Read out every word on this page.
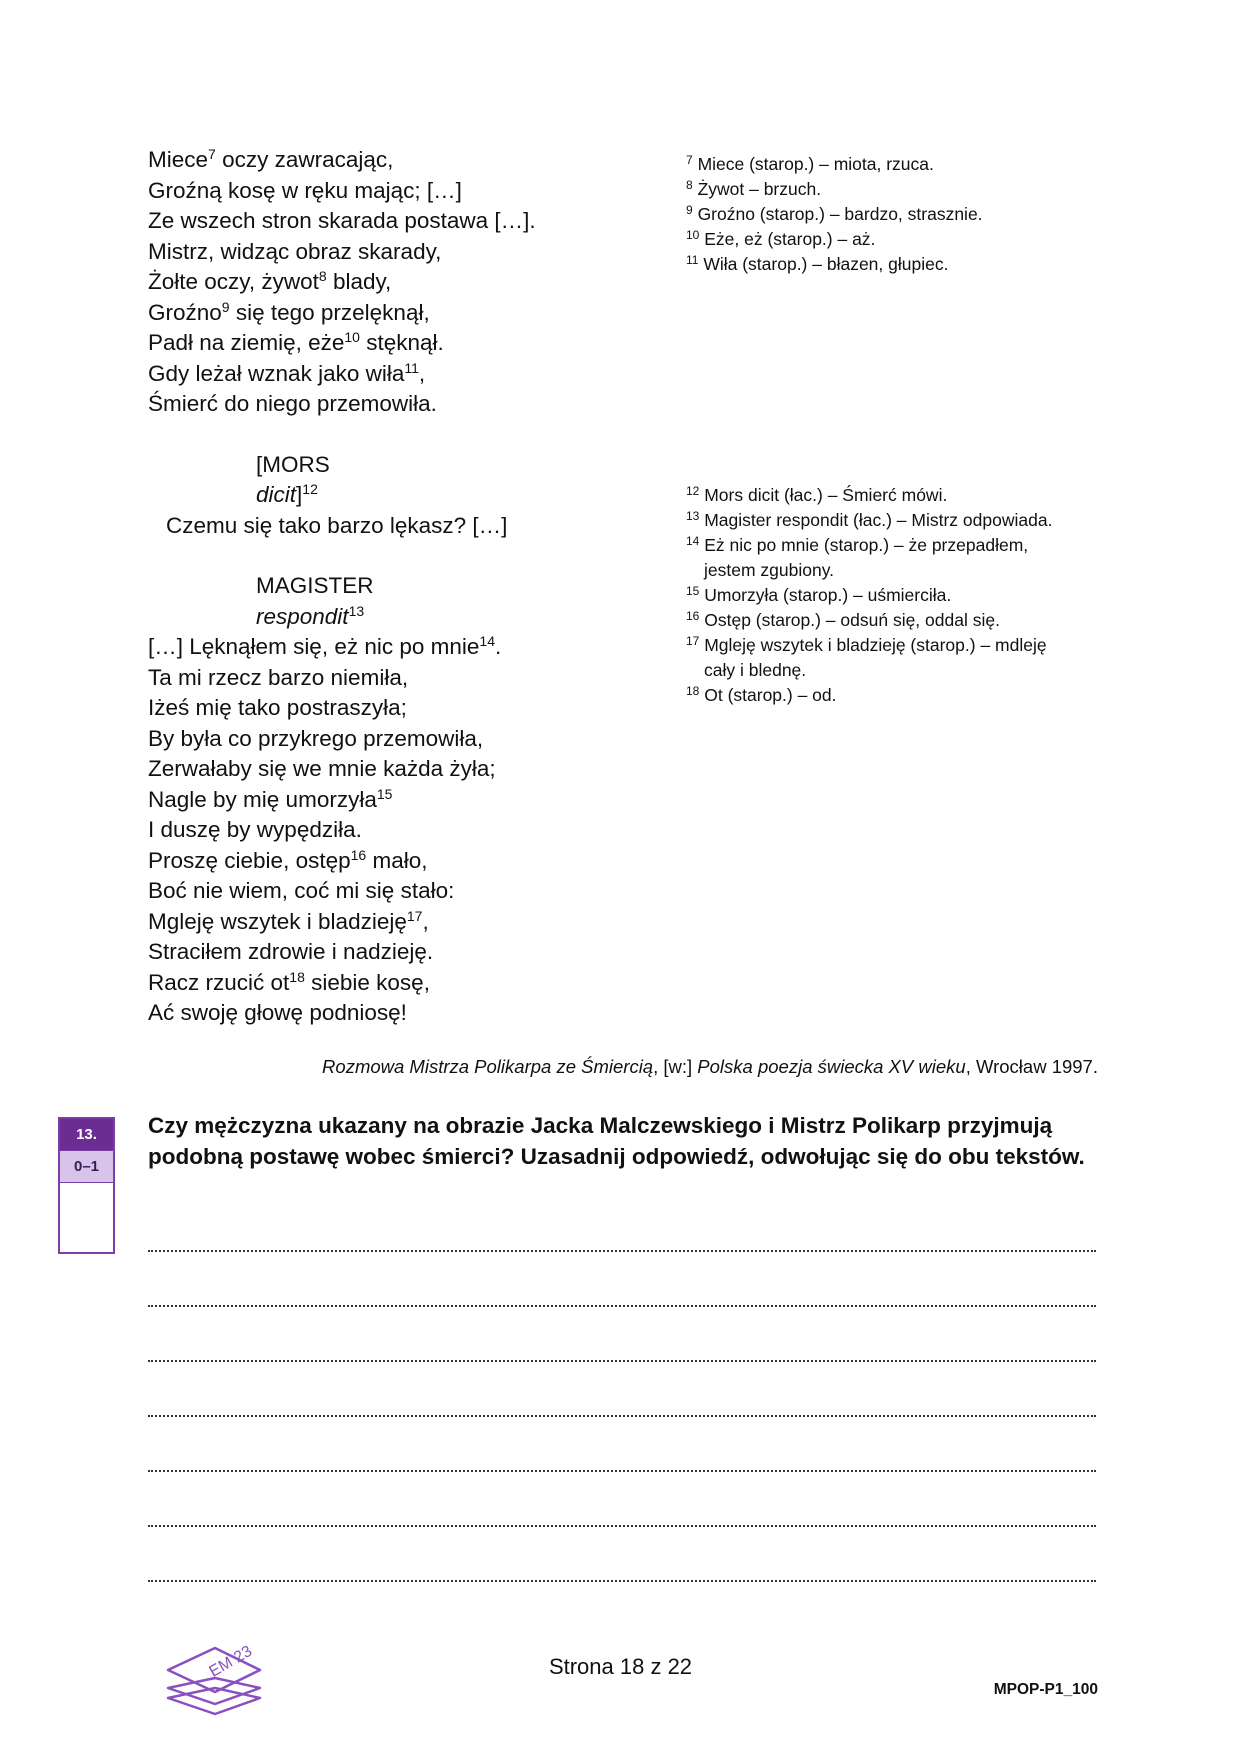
Miece$^7$ oczy zawracając,
Groźną kosę w ręku mając; […]
Ze wszech stron skarada postawa […].
Mistrz, widząc obraz skarady,
Żołte oczy, żywot$^8$ blady,
Groźno$^9$ się tego przelęknął,
Padł na ziemię, eże$^{10}$ stęknął.
Gdy leżał wznak jako wiła$^{11}$,
Śmierć do niego przemowiła.
[MORS
dicit]$^{12}$
Czemu się tako barzo lękasz? […]
MAGISTER
respondit$^{13}$
[…] Lęknąłem się, eż nic po mnie$^{14}$.
Ta mi rzecz barzo niemiła,
Iżeś mię tako postraszyła;
By była co przykrego przemowiła,
Zerwałaby się we mnie każda żyła;
Nagle by mię umorzyła$^{15}$
I duszę by wypędziła.
Proszę ciebie, ostęp$^{16}$ mało,
Boć nie wiem, coć mi się stało:
Mgleję wszytek i bladzieję$^{17}$,
Straciłem zdrowie i nadzieję.
Racz rzucić $ot^{18}$ siebie kosę,
Ać swoję głowę podniosę!
$^7$ Miece (starop.) – miota, rzuca.
$^8$ Żywot – brzuch.
$^9$ Groźno (starop.) – bardzo, strasznie.
$^{10}$ Eże, eż (starop.) – aż.
$^{11}$ Wiła (starop.) – błazen, głupiec.
$^{12}$ Mors dicit (łac.) – Śmierć mówi.
$^{13}$ Magister respondit (łac.) – Mistrz odpowiada.
$^{14}$ Eż nic po mnie (starop.) – że przepadłem,
jestem zgubiony.
$^{15}$ Umorzyła (starop.) – uśmierciła.
$^{16}$ Ostęp (starop.) – odsuń się, oddal się.
$^{17}$ Mgleję wszytek i bladzieję (starop.) – mdleję
cały i blednę.
$^{18}$ Ot (starop.) – od.
Rozmowa Mistrza Polikarpa ze Śmiercią, [w:] Polska poezja świecka XV wieku, Wrocław 1997.
13.
0–1
Czy mężczyzna ukazany na obrazie Jacka Malczewskiego i Mistrz Polikarp przyjmują podobną postawę wobec śmierci? Uzasadnij odpowiedź, odwołując się do obu tekstów.
EM 23	Strona 18 z 22
MPOP-P1_100
